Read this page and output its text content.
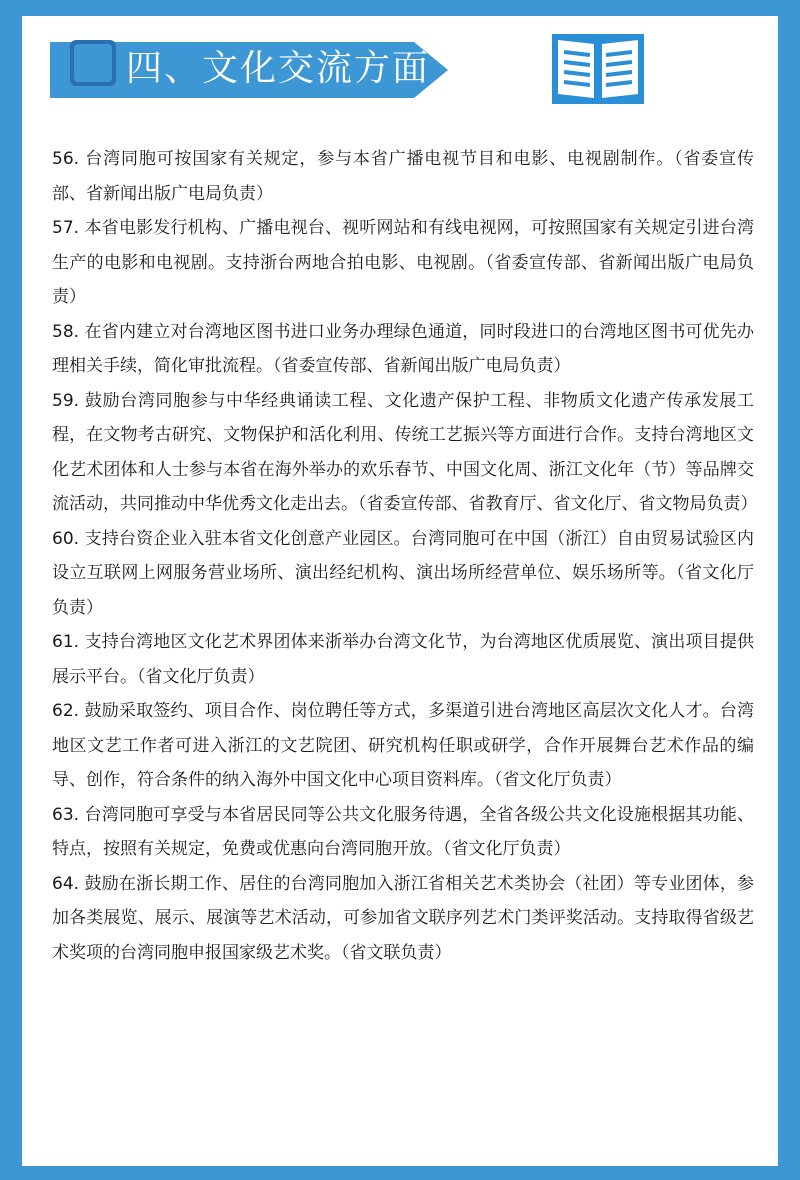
四、文化交流方面

56. 台湾同胞可按国家有关规定，参与本省广播电视节目和电影、电视剧制作。（省委宣传部、省新闻出版广电局负责）

57. 本省电影发行机构、广播电视台、视听网站和有线电视网，可按照国家有关规定引进台湾生产的电影和电视剧。支持浙台两地合拍电影、电视剧。（省委宣传部、省新闻出版广电局负责）

58. 在省内建立对台湾地区图书进口业务办理绿色通道，同时段进口的台湾地区图书可优先办理相关手续，简化审批流程。（省委宣传部、省新闻出版广电局负责）

59. 鼓励台湾同胞参与中华经典诵读工程、文化遗产保护工程、非物质文化遗产传承发展工程，在文物考古研究、文物保护和活化利用、传统工艺振兴等方面进行合作。支持台湾地区文化艺术团体和人士参与本省在海外举办的欢乐春节、中国文化周、浙江文化年（节）等品牌交流活动，共同推动中华优秀文化走出去。（省委宣传部、省教育厅、省文化厅、省文物局负责）

60. 支持台资企业入驻本省文化创意产业园区。台湾同胞可在中国（浙江）自由贸易试验区内设立互联网上网服务营业场所、演出经纪机构、演出场所经营单位、娱乐场所等。（省文化厅负责）

61. 支持台湾地区文化艺术界团体来浙举办台湾文化节，为台湾地区优质展览、演出项目提供展示平台。（省文化厅负责）

62. 鼓励采取签约、项目合作、岗位聘任等方式，多渠道引进台湾地区高层次文化人才。台湾地区文艺工作者可进入浙江的文艺院团、研究机构任职或研学，合作开展舞台艺术作品的编导、创作，符合条件的纳入海外中国文化中心项目资料库。（省文化厅负责）

63. 台湾同胞可享受与本省居民同等公共文化服务待遇，全省各级公共文化设施根据其功能、特点，按照有关规定，免费或优惠向台湾同胞开放。（省文化厅负责）

64. 鼓励在浙长期工作、居住的台湾同胞加入浙江省相关艺术类协会（社团）等专业团体，参加各类展览、展示、展演等艺术活动，可参加省文联序列艺术门类评奖活动。支持取得省级艺术奖项的台湾同胞申报国家级艺术奖。（省文联负责）
